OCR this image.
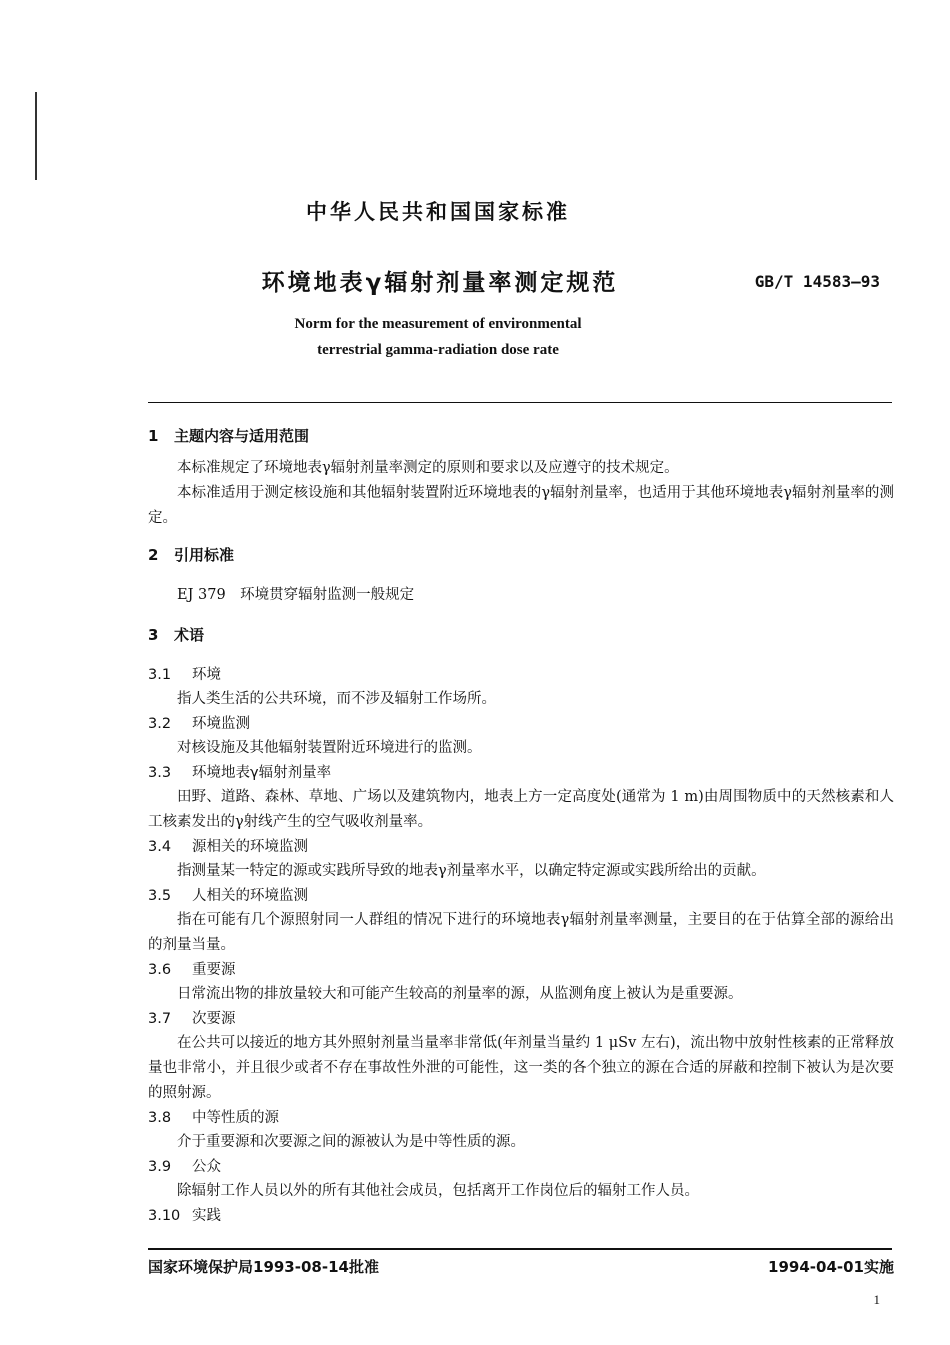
中华人民共和国国家标准
环境地表γ辐射剂量率测定规范	GB/T 14583—93
Norm for the measurement of environmental
terrestrial gamma-radiation dose rate

1 主题内容与适用范围

本标准规定了环境地表γ辐射剂量率测定的原则和要求以及应遵守的技术规定。

本标准适用于测定核设施和其他辐射装置附近环境地表的γ辐射剂量率，也适用于其他环境地表γ辐射剂量率的测定。

2 引用标准

EJ 379　环境贯穿辐射监测一般规定

3 术语

3.1 环境

指人类生活的公共环境，而不涉及辐射工作场所。

3.2 环境监测

对核设施及其他辐射装置附近环境进行的监测。

3.3 环境地表γ辐射剂量率

田野、道路、森林、草地、广场以及建筑物内，地表上方一定高度处(通常为 1 m)由周围物质中的天然核素和人工核素发出的γ射线产生的空气吸收剂量率。

3.4 源相关的环境监测

指测量某一特定的源或实践所导致的地表γ剂量率水平，以确定特定源或实践所给出的贡献。

3.5 人相关的环境监测

指在可能有几个源照射同一人群组的情况下进行的环境地表γ辐射剂量率测量，主要目的在于估算全部的源给出的剂量当量。

3.6 重要源

日常流出物的排放量较大和可能产生较高的剂量率的源，从监测角度上被认为是重要源。

3.7 次要源

在公共可以接近的地方其外照射剂量当量率非常低(年剂量当量约 1 μSv 左右)，流出物中放射性核素的正常释放量也非常小，并且很少或者不存在事故性外泄的可能性，这一类的各个独立的源在合适的屏蔽和控制下被认为是次要的照射源。

3.8 中等性质的源

介于重要源和次要源之间的源被认为是中等性质的源。

3.9 公众

除辐射工作人员以外的所有其他社会成员，包括离开工作岗位后的辐射工作人员。

3.10 实践

国家环境保护局1993-08-14批准	1994-04-01实施
1
